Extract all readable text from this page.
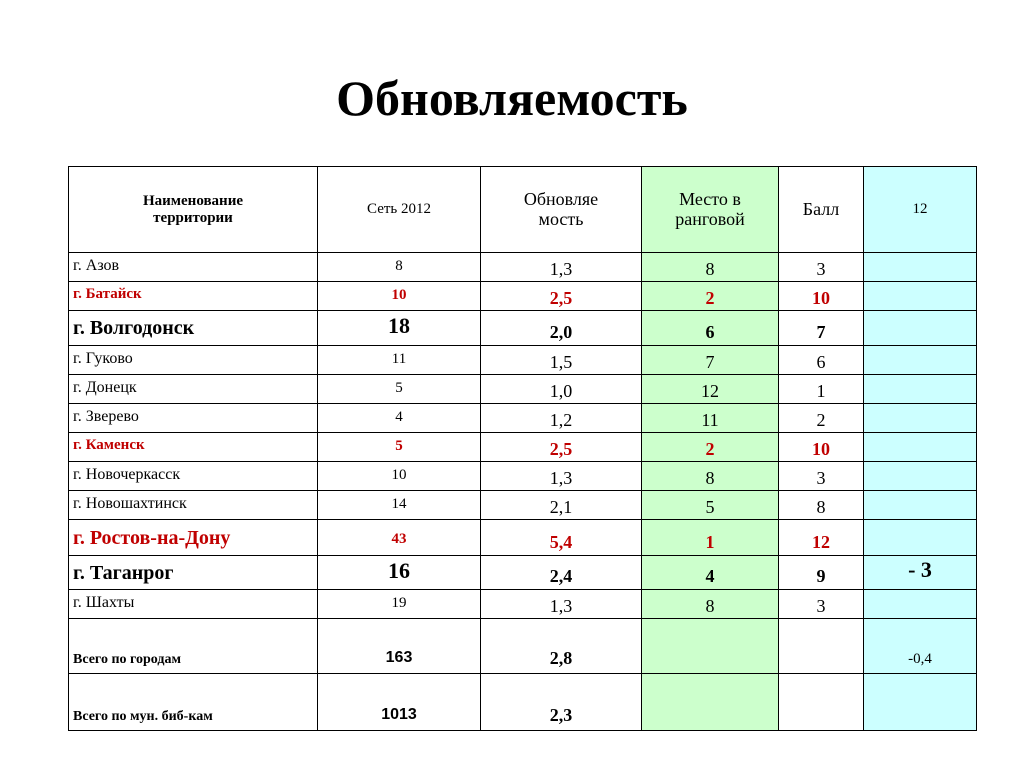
Обновляемость
Наименование территории	Сеть 2012	Обновляе мость	Место в ранговой	Балл	12
г. Азов	8	1,3	8	3	
г. Батайск	10	2,5	2	10	
г. Волгодонск	18	2,0	6	7	
г. Гуково	11	1,5	7	6	
г. Донецк	5	1,0	12	1	
г. Зверево	4	1,2	11	2	
г. Каменск	5	2,5	2	10	
г. Новочеркасск	10	1,3	8	3	
г. Новошахтинск	14	2,1	5	8	
г. Ростов-на-Дону	43	5,4	1	12	
г. Таганрог	16	2,4	4	9	- 3
г. Шахты	19	1,3	8	3	
Всего по городам	163	2,8			-0,4
Всего по мун. биб-кам	1013	2,3			
